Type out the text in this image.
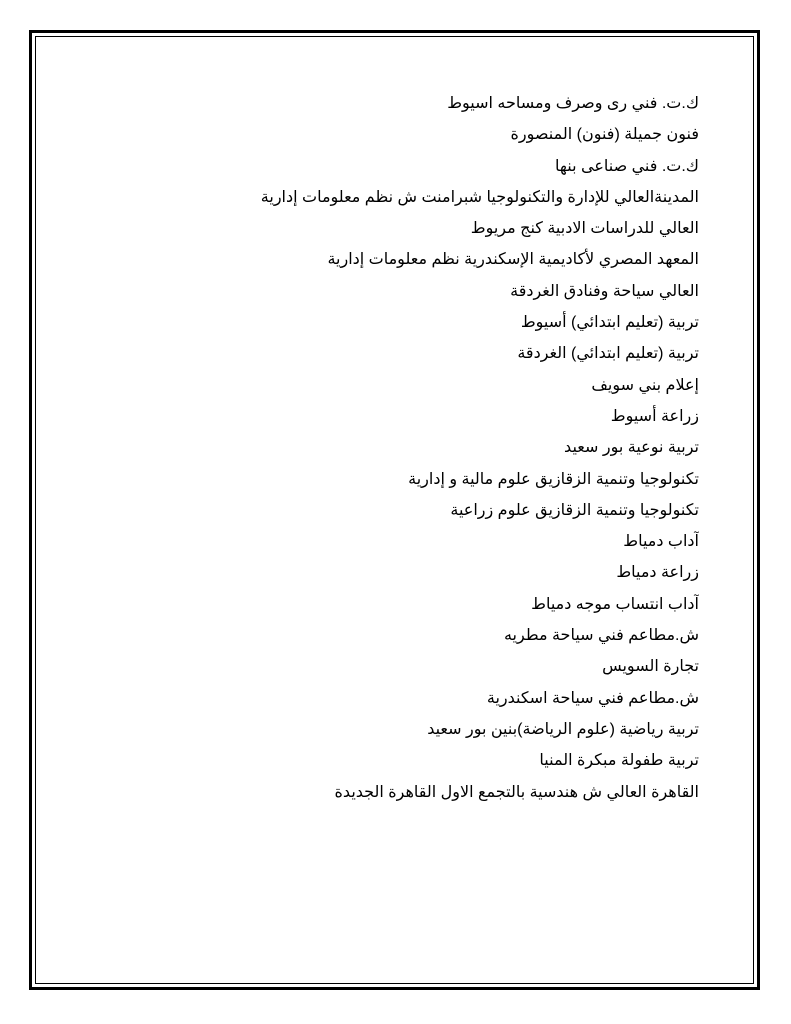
ك.ت. فني رى وصرف ومساحه اسيوط
فنون جميلة (فنون) المنصورة
ك.ت. فني صناعى بنها
المدينةالعالي للإدارة والتكنولوجيا شبرامنت ش نظم معلومات إدارية
العالي للدراسات الادبية كنج مريوط
المعهد المصري لأكاديمية الإسكندرية نظم معلومات إدارية
العالي سياحة وفنادق الغردقة
تربية (تعليم ابتدائي) أسيوط
تربية (تعليم ابتدائي) الغردقة
إعلام بني سويف
زراعة أسيوط
تربية نوعية بور سعيد
تكنولوجيا وتنمية الزقازيق علوم مالية و إدارية
تكنولوجيا وتنمية الزقازيق علوم زراعية
آداب دمياط
زراعة دمياط
آداب انتساب موجه دمياط
ش.مطاعم فني سياحة مطريه
تجارة السويس
ش.مطاعم فني سياحة اسكندرية
تربية رياضية (علوم الرياضة)بنين بور سعيد
تربية طفولة مبكرة المنيا
القاهرة العالي ش هندسية بالتجمع الاول القاهرة الجديدة
